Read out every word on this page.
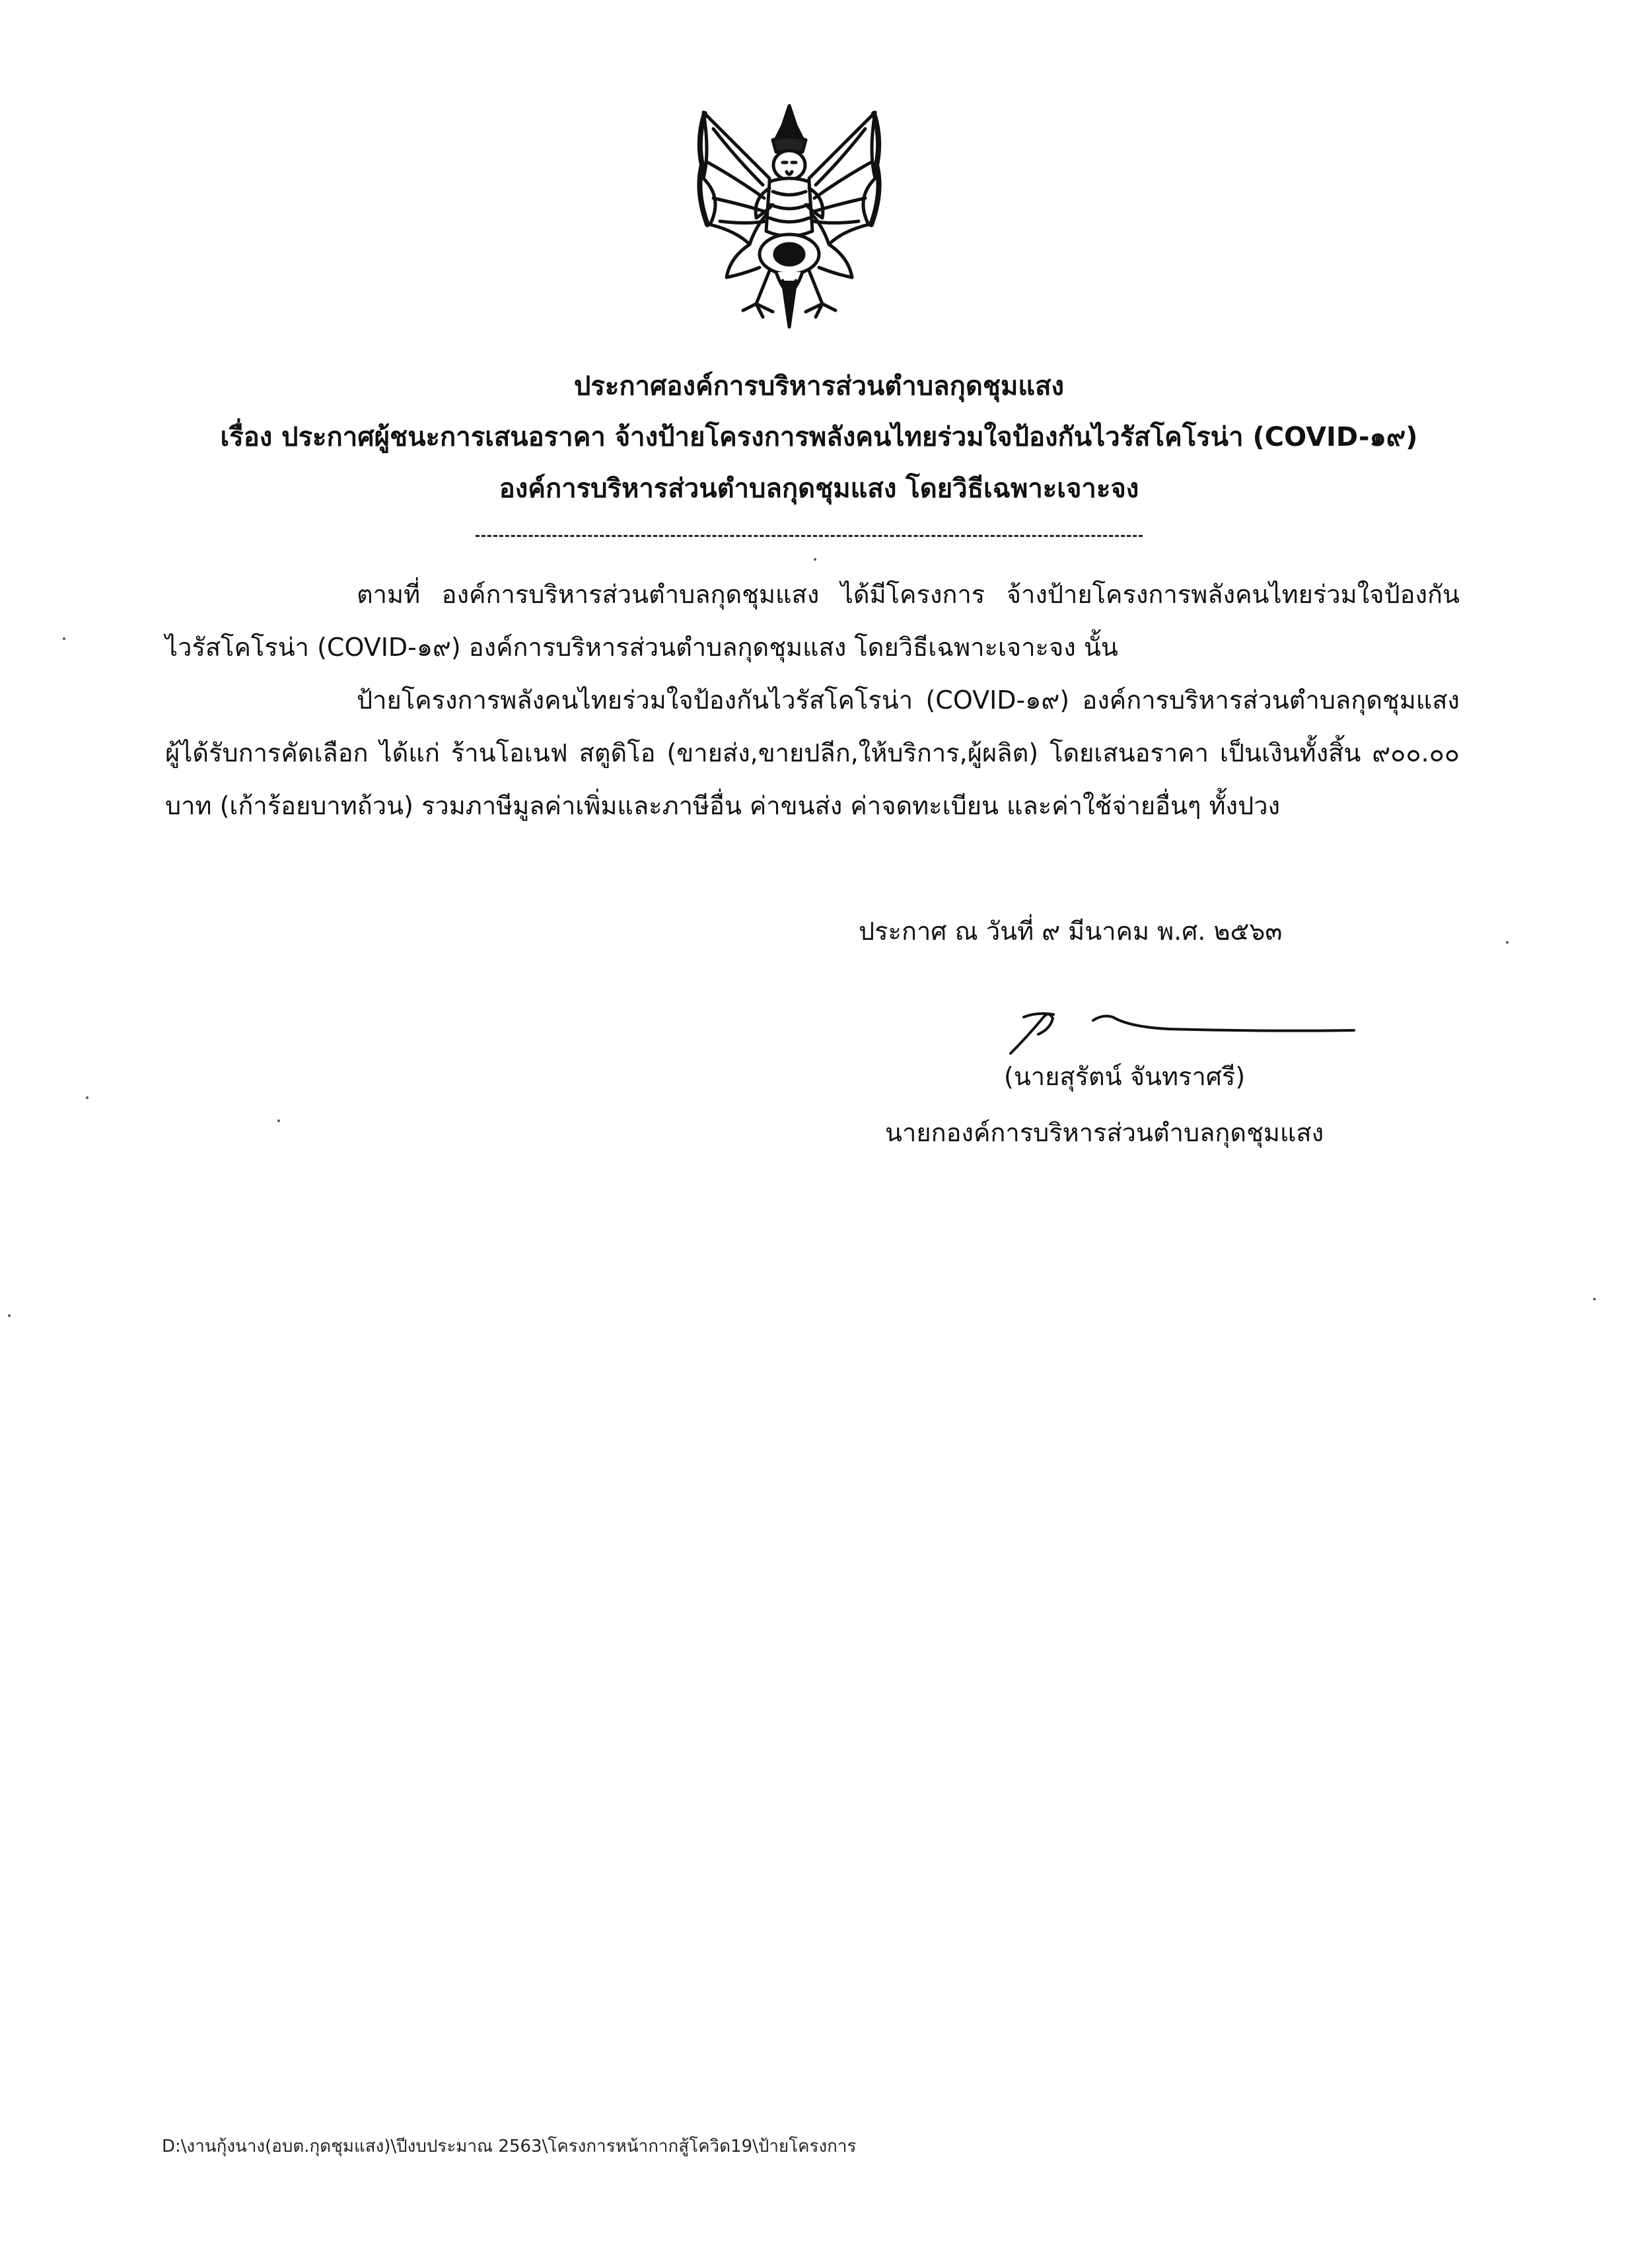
ประกาศองค์การบริหารส่วนตำบลกุดชุมแสง
เรื่อง ประกาศผู้ชนะการเสนอราคา จ้างป้ายโครงการพลังคนไทยร่วมใจป้องกันไวรัสโคโรน่า (COVID-๑๙)
องค์การบริหารส่วนตำบลกุดชุมแสง โดยวิธีเฉพาะเจาะจง
ตามที่ องค์การบริหารส่วนตำบลกุดชุมแสง ได้มีโครงการ จ้างป้ายโครงการพลังคนไทยร่วมใจป้องกันไวรัสโคโรน่า (COVID-๑๙) องค์การบริหารส่วนตำบลกุดชุมแสง โดยวิธีเฉพาะเจาะจง นั้น
ป้ายโครงการพลังคนไทยร่วมใจป้องกันไวรัสโคโรน่า (COVID-๑๙) องค์การบริหารส่วนตำบลกุดชุมแสง ผู้ได้รับการคัดเลือก ได้แก่ ร้านโอเนฟ สตูดิโอ (ขายส่ง,ขายปลีก,ให้บริการ,ผู้ผลิต) โดยเสนอราคา เป็นเงินทั้งสิ้น ๙๐๐.๐๐ บาท (เก้าร้อยบาทถ้วน) รวมภาษีมูลค่าเพิ่มและภาษีอื่น ค่าขนส่ง ค่าจดทะเบียน และค่าใช้จ่ายอื่นๆ ทั้งปวง
ประกาศ ณ วันที่ ๙ มีนาคม พ.ศ. ๒๕๖๓
(นายสุรัตน์ จันทราศรี)
นายกองค์การบริหารส่วนตำบลกุดชุมแสง
D:\งานกุ้งนาง(อบต.กุดชุมแสง)\ปีงบประมาณ 2563\โครงการหน้ากากสู้โควิด19\ป้ายโครงการ
